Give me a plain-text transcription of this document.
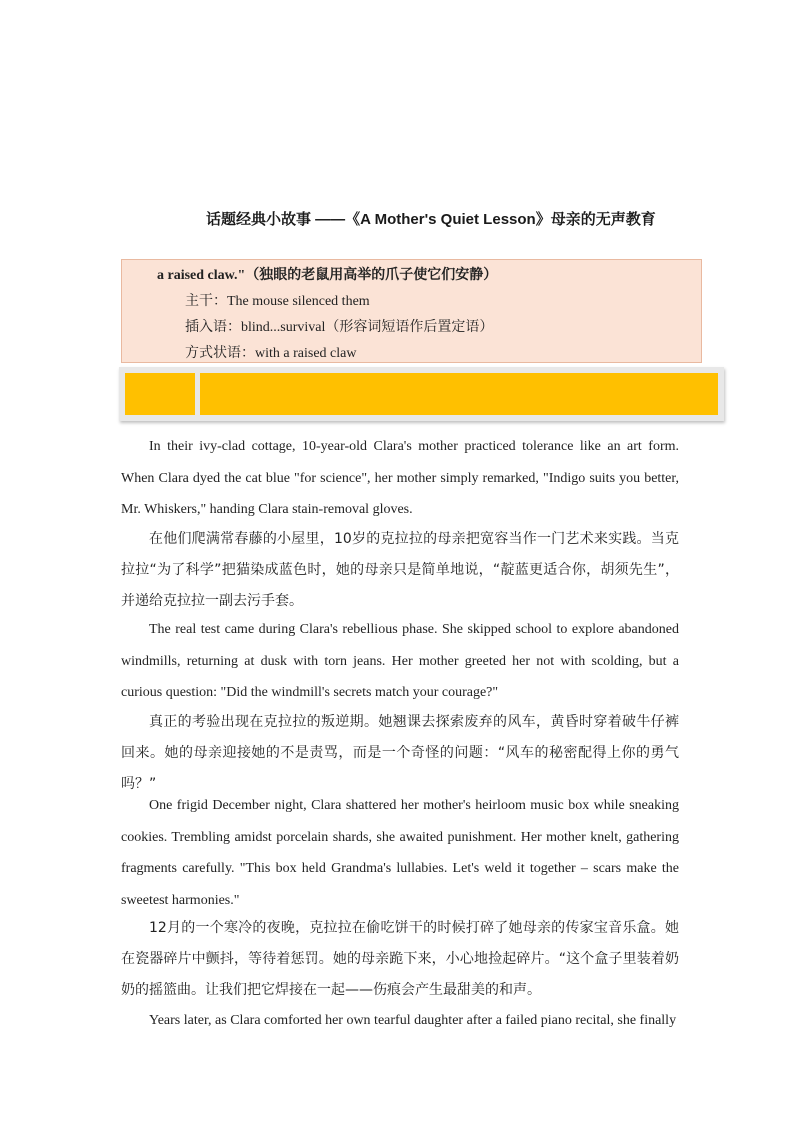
话题经典小故事 ——《A Mother's Quiet Lesson》母亲的无声教育
a raised claw."（独眼的老鼠用高举的爪子使它们安静）
主干：The mouse silenced them
插入语：blind...survival（形容词短语作后置定语）
方式状语：with a raised claw
In their ivy-clad cottage, 10-year-old Clara's mother practiced tolerance like an art form. When Clara dyed the cat blue "for science", her mother simply remarked, "Indigo suits you better, Mr. Whiskers," handing Clara stain-removal gloves.
在他们爬满常春藤的小屋里，10岁的克拉拉的母亲把宽容当作一门艺术来实践。当克拉拉“为了科学”把猫染成蓝色时，她的母亲只是简单地说，“靛蓝更适合你，胡须先生”，并递给克拉拉一副去污手套。
The real test came during Clara's rebellious phase. She skipped school to explore abandoned windmills, returning at dusk with torn jeans. Her mother greeted her not with scolding, but a curious question: "Did the windmill's secrets match your courage?"
真正的考验出现在克拉拉的叛逆期。她翘课去探索废弃的风车，黄昏时穿着破牛仔裤回来。她的母亲迎接她的不是责骂，而是一个奇怪的问题：“风车的秘密配得上你的勇气吗？”
One frigid December night, Clara shattered her mother's heirloom music box while sneaking cookies. Trembling amidst porcelain shards, she awaited punishment. Her mother knelt, gathering fragments carefully. "This box held Grandma's lullabies. Let's weld it together – scars make the sweetest harmonies."
12月的一个寒冷的夜晚，克拉拉在偷吃饼干的时候打碎了她母亲的传家宝音乐盒。她在瓷器碎片中颤抖，等待着惩罚。她的母亲跪下来，小心地捡起碎片。“这个盒子里装着奶奶的摇篮曲。让我们把它焊接在一起——伤痕会产生最甜美的和声。
Years later, as Clara comforted her own tearful daughter after a failed piano recital, she finally
